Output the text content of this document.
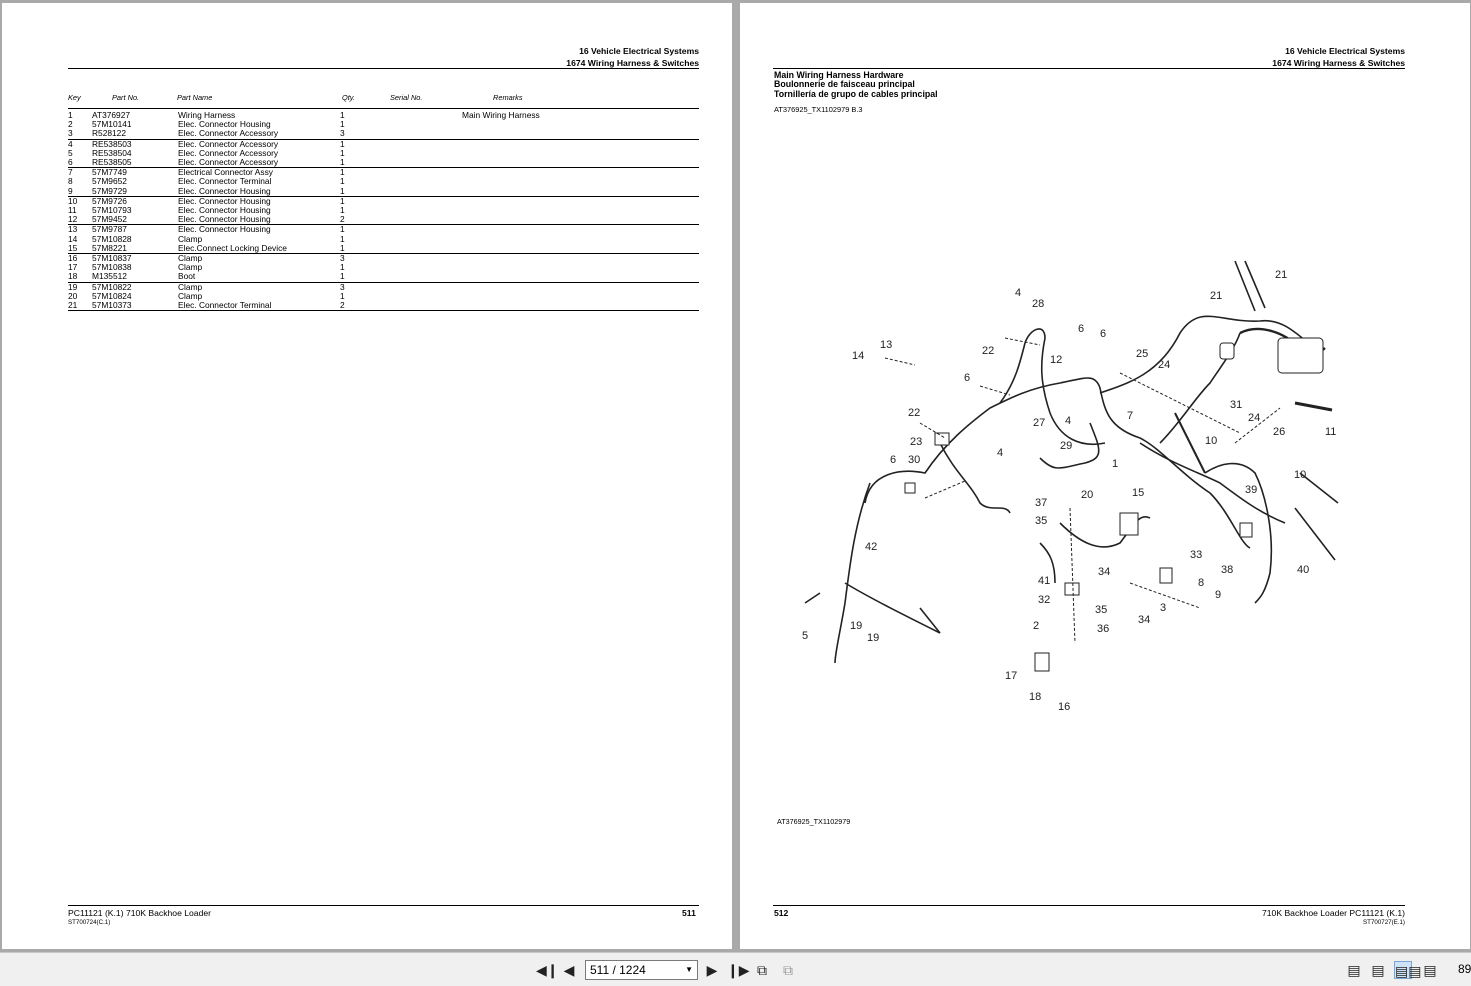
16 Vehicle Electrical Systems
1674 Wiring Harness & Switches
Key	Part No.	Part Name	Qty.	Serial No.	Remarks
1	AT376927	Wiring Harness	1		Main Wiring Harness
2	57M10141	Elec. Connector Housing	1		
3	R528122	Elec. Connector Accessory	3		
4	RE538503	Elec. Connector Accessory	1		
5	RE538504	Elec. Connector Accessory	1		
6	RE538505	Elec. Connector Accessory	1		
7	57M7749	Electrical Connector Assy	1		
8	57M9652	Elec. Connector Terminal	1		
9	57M9729	Elec. Connector Housing	1		
10	57M9726	Elec. Connector Housing	1		
11	57M10793	Elec. Connector Housing	1		
12	57M9452	Elec. Connector Housing	2		
13	57M9787	Elec. Connector Housing	1		
14	57M10828	Clamp	1		
15	57M8221	Elec.Connect Locking Device	1		
16	57M10837	Clamp	3		
17	57M10838	Clamp	1		
18	M135512	Boot	1		
19	57M10822	Clamp	3		
20	57M10824	Clamp	1		
21	57M10373	Elec. Connector Terminal	2		
PC11121 (K.1) 710K Backhoe Loader
ST700724(C.1)
511
16 Vehicle Electrical Systems
1674 Wiring Harness & Switches
Main Wiring Harness Hardware
Boulonnerie de faisceau principal
Tornillería de grupo de cables principal
AT376925_TX1102979 B.3
21
21
4
28
6 6
13
14	22
12	25
24
6
22	7
31
24
26	11
27 4
23	10
29
4
6 30	1
39
10
20	15
37
35
42
33
38	40
34
41	8
32	9
35	3
34
19	2	36
19
5
17
18
16
AT376925_TX1102979
512	710K Backhoe Loader PC11121 (K.1)
ST700727(E.1)
◀❙ ◀	511 / 1224	▼ ▶ ❙▶ ⧉ ⧉	▤ ▤ ▤▤ ▤ 89
